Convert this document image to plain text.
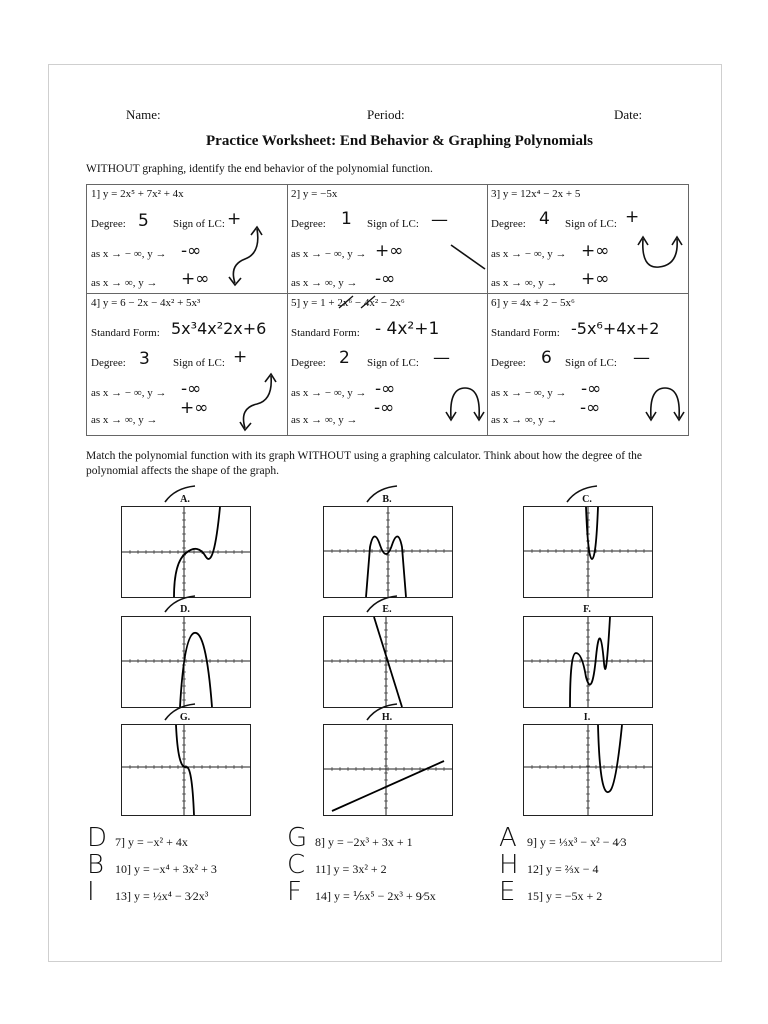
Name:	Period:	Date:
Practice Worksheet: End Behavior & Graphing Polynomials
WITHOUT graphing, identify the end behavior of the polynomial function.
1] y = 2x⁵ + 7x² + 4x
Degree: 5 Sign of LC: +
as x → − ∞, y → -∞
as x → ∞, y → +∞
2] y = −5x
Degree: 1 Sign of LC: —
as x → − ∞, y → +∞
as x → ∞, y → -∞
3] y = 12x⁴ − 2x + 5
Degree: 4 Sign of LC: +
as x → − ∞, y → +∞
as x → ∞, y → +∞
4] y = 6 − 2x − 4x² + 5x³
Standard Form: 5x³4x²2x+6
Degree: 3 Sign of LC: +
as x → − ∞, y → -∞
as x → ∞, y →
5] y = 1 + 2x⁶ − 4x² − 2x⁶
Standard Form: - 4x²+1
Degree: 2 Sign of LC: —
as x → − ∞, y → -∞
as x → ∞, y →
6] y = 4x + 2 − 5x⁶
Standard Form: -5x⁶+4x+2
Degree: 6 Sign of LC: —
as x → − ∞, y → -∞
as x → ∞, y →
+∞	-∞	-∞
Match the polynomial function with its graph WITHOUT using a graphing calculator. Think about how the degree of the polynomial affects the shape of the graph.
A.	B.	C.
D.	E.	F.
G.	H.	I.
D 7] y = −x² + 4x	G 8] y = −2x³ + 3x + 1	A 9] y = ⅓x³ − x² − 4⁄3
B 10] y = −x⁴ + 3x² + 3	C 11] y = 3x² + 2	H 12] y = ⅔x − 4
I 13] y = ½x⁴ − 3⁄2x³	F 14] y = ⅕x⁵ − 2x³ + 9⁄5x E 15] y = −5x + 2
